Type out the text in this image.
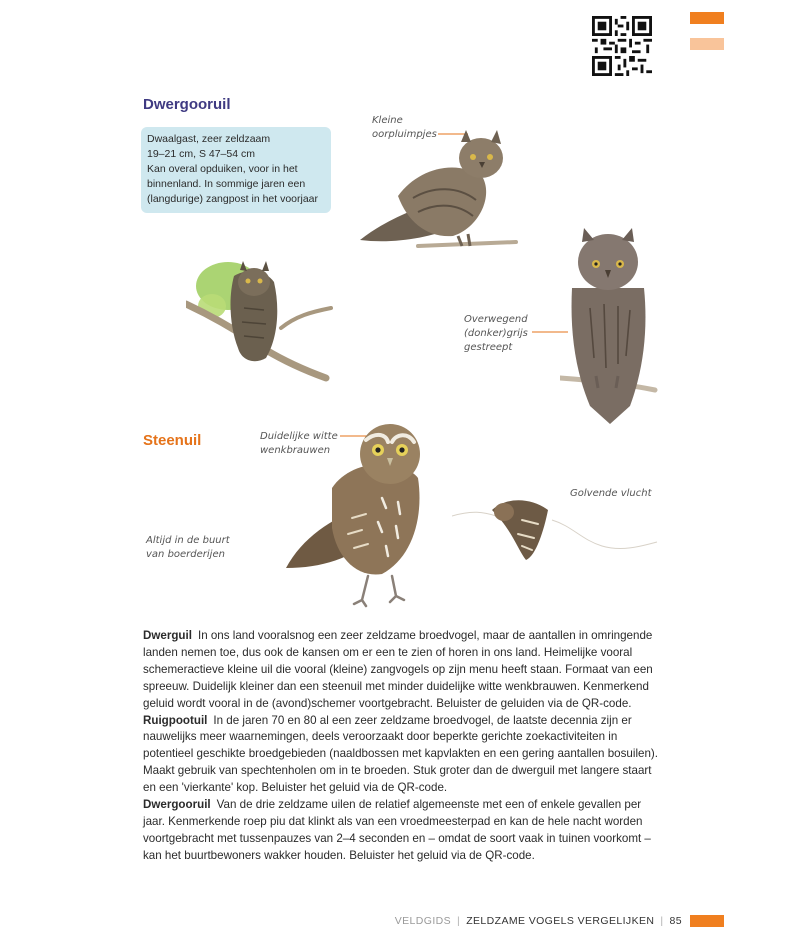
Dwergooruil
Dwaalgast, zeer zeldzaam
19–21 cm, S 47–54 cm
Kan overal opduiken, voor in het
binnenland. In sommige jaren een
(langdurige) zangpost in het voorjaar
Kleine
oorpluimpjes
Overwegend
(donker)grijs
gestreept
Steenuil	Duidelijke witte
wenkbrauwen
Golvende vlucht
Altijd in de buurt
van boerderijen

Dwerguil In ons land vooralsnog een zeer zeldzame broedvogel, maar de aantallen in omringende landen nemen toe, dus ook de kansen om er een te zien of horen in ons land. Heimelijke vooral schemeractieve kleine uil die vooral (kleine) zangvogels op zijn menu heeft staan. Formaat van een spreeuw. Duidelijk kleiner dan een steenuil met minder duidelijke witte wenkbrauwen. Kenmerkend geluid wordt vooral in de (avond)schemer voortgebracht. Beluister de geluiden via de QR-code.

Ruigpootuil In de jaren 70 en 80 al een zeer zeldzame broedvogel, de laatste decennia zijn er nauwelijks meer waarnemingen, deels veroorzaakt door beperkte gerichte zoekactiviteiten in potentieel geschikte broedgebieden (naaldbossen met kapvlakten en een gering aantallen bosuilen). Maakt gebruik van spechtenholen om in te broeden. Stuk groter dan de dwerguil met langere staart en een 'vierkante' kop. Beluister het geluid via de QR-code.

Dwergooruil Van de drie zeldzame uilen de relatief algemeenste met een of enkele gevallen per jaar. Kenmerkende roep piu dat klinkt als van een vroedmeesterpad en kan de hele nacht worden voortgebracht met tussenpauzes van 2–4 seconden en – omdat de soort vaak in tuinen voorkomt – kan het buurtbewoners wakker houden. Beluister het geluid via de QR-code.

VELDGIDS | ZELDZAME VOGELS VERGELIJKEN | 85
